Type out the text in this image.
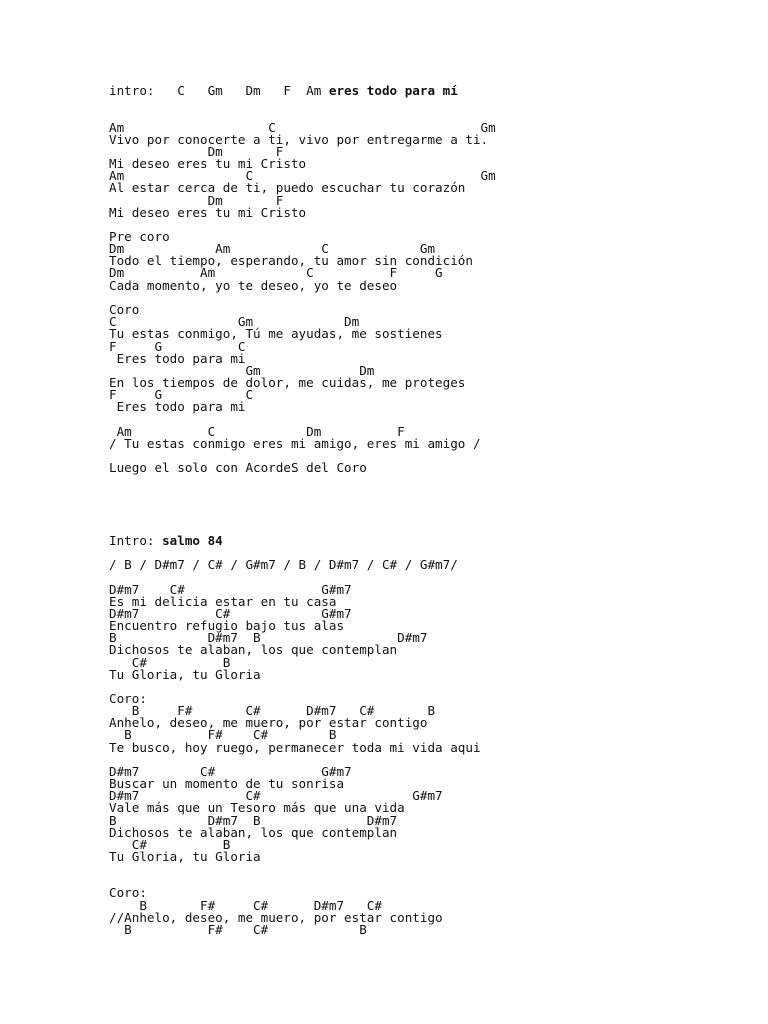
intro:   C   Gm   Dm   F  Am eres todo para mí
Am                   C                           Gm
Vivo por conocerte a ti, vivo por entregarme a ti.
Dm       F
Mi deseo eres tu mi Cristo
Am                C                              Gm
Al estar cerca de ti, puedo escuchar tu corazón
Dm       F
Mi deseo eres tu mi Cristo
Pre coro
Dm            Am            C            Gm
Todo el tiempo, esperando, tu amor sin condición
Dm          Am            C          F     G
Cada momento, yo te deseo, yo te deseo
Coro
C                Gm            Dm
Tu estas conmigo, Tú me ayudas, me sostienes
F     G          C
Eres todo para mi
Gm             Dm
En los tiempos de dolor, me cuidas, me proteges
F     G           C
Eres todo para mi
Am          C            Dm          F
/ Tu estas conmigo eres mi amigo, eres mi amigo /
Luego el solo con AcordeS del Coro
Intro: salmo 84
/ B / D#m7 / C# / G#m7 / B / D#m7 / C# / G#m7/
D#m7    C#                  G#m7
Es mi delicia estar en tu casa
D#m7          C#            G#m7
Encuentro refugio bajo tus alas
B            D#m7  B                  D#m7
Dichosos te alaban, los que contemplan
C#          B
Tu Gloria, tu Gloria
Coro:
B     F#       C#      D#m7   C#       B
Anhelo, deseo, me muero, por estar contigo
B          F#    C#        B
Te busco, hoy ruego, permanecer toda mi vida aqui
D#m7        C#              G#m7
Buscar un momento de tu sonrisa
D#m7              C#                    G#m7
Vale más que un Tesoro más que una vida
B            D#m7  B              D#m7
Dichosos te alaban, los que contemplan
C#          B
Tu Gloria, tu Gloria
Coro:
B       F#     C#      D#m7   C#
//Anhelo, deseo, me muero, por estar contigo
B          F#    C#            B
